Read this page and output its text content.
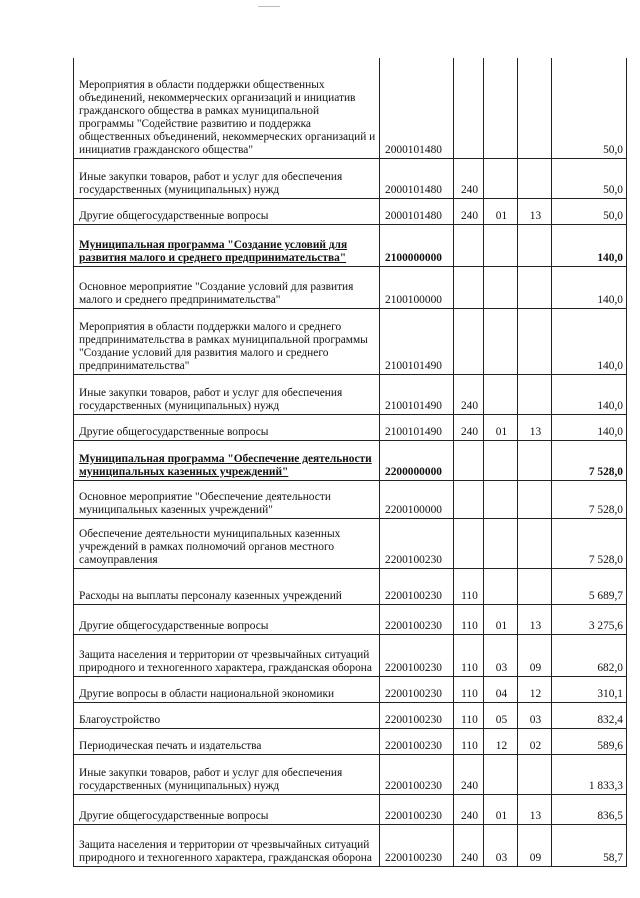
Мероприятия в области поддержки общественных объединений, некоммерческих организаций и инициатив гражданского общества в рамках муниципальной программы "Содействие развитию и поддержка общественных объединений, некоммерческих организаций и инициатив гражданского общества"	2000101480				50,0
Иные закупки товаров, работ и услуг для обеспечения государственных (муниципальных) нужд	2000101480	240			50,0
Другие общегосударственные вопросы	2000101480	240	01	13	50,0
Муниципальная программа "Создание условий для развития малого и среднего предпринимательства"	2100000000				140,0
Основное мероприятие "Создание условий для развития малого и среднего предпринимательства"	2100100000				140,0
Мероприятия в области поддержки малого и среднего предпринимательства в рамках муниципальной программы "Создание условий для развития малого и среднего предпринимательства"	2100101490				140,0
Иные закупки товаров, работ и услуг для обеспечения государственных (муниципальных) нужд	2100101490	240			140,0
Другие общегосударственные вопросы	2100101490	240	01	13	140,0
Муниципальная программа "Обеспечение деятельности муниципальных казенных учреждений"	2200000000				7 528,0
Основное мероприятие "Обеспечение деятельности муниципальных казенных учреждений"	2200100000				7 528,0
Обеспечение деятельности муниципальных казенных учреждений в рамках полномочий органов местного самоуправления	2200100230				7 528,0
Расходы на выплаты персоналу казенных учреждений	2200100230	110			5 689,7
Другие общегосударственные вопросы	2200100230	110	01	13	3 275,6
Защита населения и территории от чрезвычайных ситуаций природного и техногенного характера, гражданская оборона	2200100230	110	03	09	682,0
Другие вопросы в области национальной экономики	2200100230	110	04	12	310,1
Благоустройство	2200100230	110	05	03	832,4
Периодическая печать и издательства	2200100230	110	12	02	589,6
Иные закупки товаров, работ и услуг для обеспечения государственных (муниципальных) нужд	2200100230	240			1 833,3
Другие общегосударственные вопросы	2200100230	240	01	13	836,5
Защита населения и территории от чрезвычайных ситуаций природного и техногенного характера, гражданская оборона	2200100230	240	03	09	58,7
